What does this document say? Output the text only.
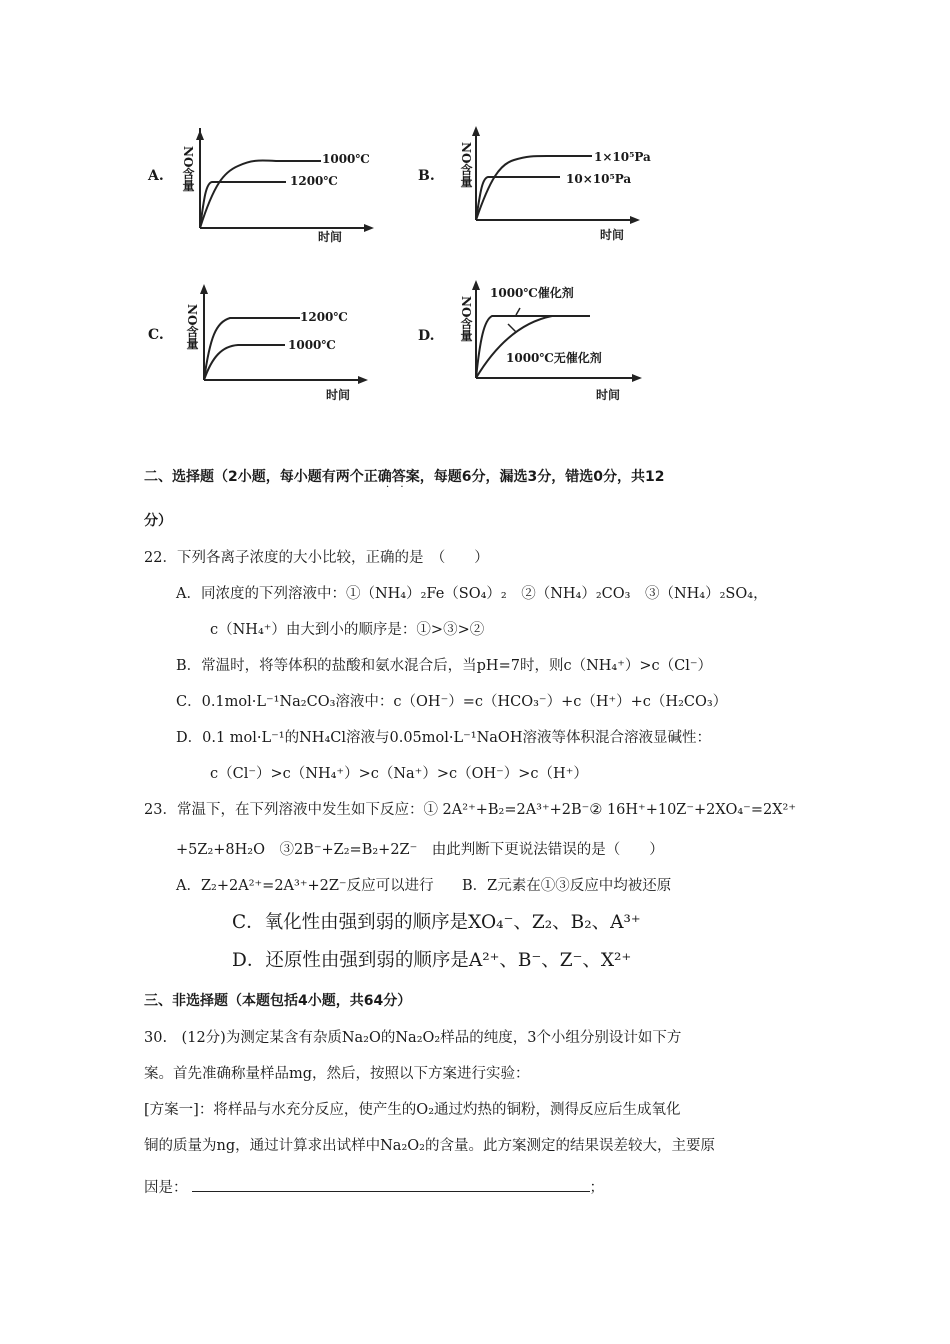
A. NO含量	1000℃
1200℃
时间
B. NO含量	1×10⁵Pa
10×10⁵Pa
时间
C. NO含量	1200℃
1000℃
时间
D. NO含量
1000℃催化剂
1000℃无催化剂
时间
二、选择题（2小题，每小题有两个正确答案，每题6分，漏选3分，错选0分，共12
· ·
分）
22．下列各离子浓度的大小比较，正确的是　（　　）
A．同浓度的下列溶液中：①（NH₄）₂Fe（SO₄）₂　②（NH₄）₂CO₃　③（NH₄）₂SO₄，
c（NH₄⁺）由大到小的顺序是：①>③>②
B．常温时，将等体积的盐酸和氨水混合后，当pH=7时，则c（NH₄⁺）>c（Cl⁻）
C．0.1mol·L⁻¹Na₂CO₃溶液中：c（OH⁻）=c（HCO₃⁻）+c（H⁺）+c（H₂CO₃）
D．0.1 mol·L⁻¹的NH₄Cl溶液与0.05mol·L⁻¹NaOH溶液等体积混合溶液显碱性：
c（Cl⁻）>c（NH₄⁺）>c（Na⁺）>c（OH⁻）>c（H⁺）
23．常温下，在下列溶液中发生如下反应：① 2A²⁺+B₂=2A³⁺+2B⁻② 16H⁺+10Z⁻+2XO₄⁻=2X²⁺
+5Z₂+8H₂O　③2B⁻+Z₂=B₂+2Z⁻　由此判断下更说法错误的是（　　）
A．Z₂+2A²⁺=2A³⁺+2Z⁻反应可以进行 B．Z元素在①③反应中均被还原
C．氧化性由强到弱的顺序是XO₄⁻、Z₂、B₂、A³⁺
D．还原性由强到弱的顺序是A²⁺、B⁻、Z⁻、X²⁺
三、非选择题（本题包括4小题，共64分）
30.　(12分)为测定某含有杂质Na₂O的Na₂O₂样品的纯度，3个小组分别设计如下方
案。首先准确称量样品mg，然后，按照以下方案进行实验：
[方案一]：将样品与水充分反应，使产生的O₂通过灼热的铜粉，测得反应后生成氧化
铜的质量为ng，通过计算求出试样中Na₂O₂的含量。此方案测定的结果误差较大，主要原
因是：	；
